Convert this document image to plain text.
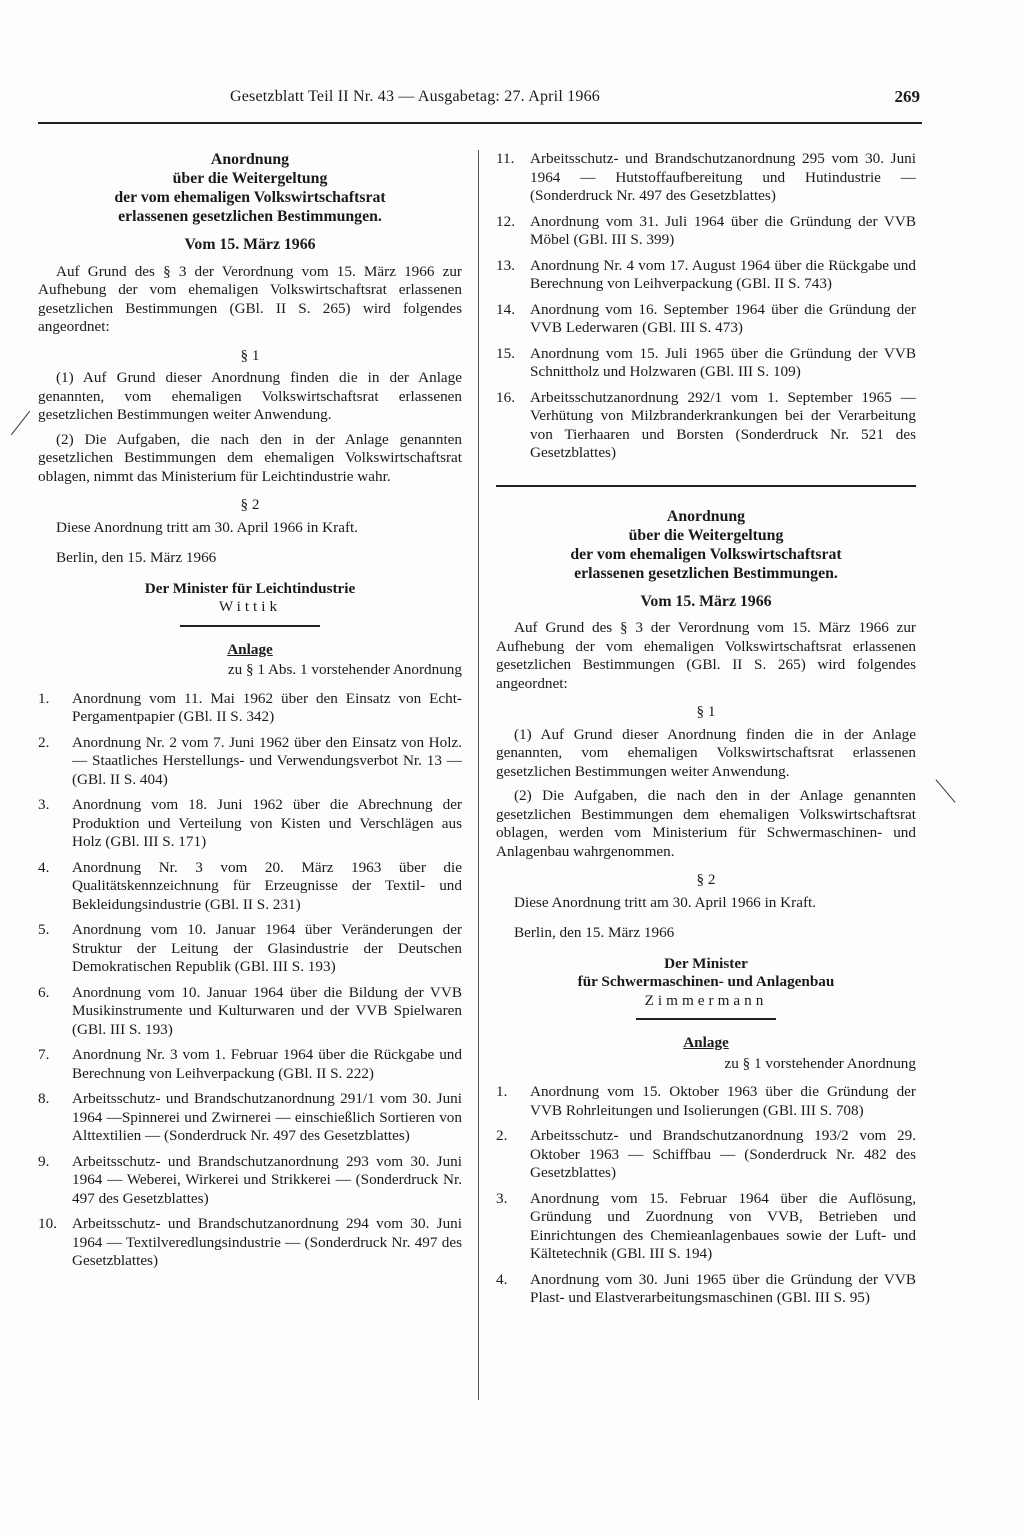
Gesetzblatt Teil II Nr. 43 — Ausgabetag: 27. April 1966	269
Anordnung
über die Weitergeltung
der vom ehemaligen Volkswirtschaftsrat
erlassenen gesetzlichen Bestimmungen.
Vom 15. März 1966

Auf Grund des § 3 der Verordnung vom 15. März 1966 zur Aufhebung der vom ehemaligen Volkswirtschaftsrat erlassenen gesetzlichen Bestimmungen (GBl. II S. 265) wird folgendes angeordnet:

§ 1

(1) Auf Grund dieser Anordnung finden die in der Anlage genannten, vom ehemaligen Volkswirtschaftsrat erlassenen gesetzlichen Bestimmungen weiter Anwendung.

(2) Die Aufgaben, die nach den in der Anlage genannten gesetzlichen Bestimmungen dem ehemaligen Volkswirtschaftsrat oblagen, nimmt das Ministerium für Leichtindustrie wahr.

§ 2

Diese Anordnung tritt am 30. April 1966 in Kraft.

Berlin, den 15. März 1966

Der Minister für Leichtindustrie
Wittik
Anlage
zu § 1 Abs. 1 vorstehender Anordnung
1.	Anordnung vom 11. Mai 1962 über den Einsatz von Echt-Pergamentpapier (GBl. II S. 342)
2.	Anordnung Nr. 2 vom 7. Juni 1962 über den Einsatz von Holz. — Staatliches Herstellungs- und Verwendungsverbot Nr. 13 — (GBl. II S. 404)
3.	Anordnung vom 18. Juni 1962 über die Abrechnung der Produktion und Verteilung von Kisten und Verschlägen aus Holz (GBl. III S. 171)
4.	Anordnung Nr. 3 vom 20. März 1963 über die Qualitätskennzeichnung für Erzeugnisse der Textil- und Bekleidungsindustrie (GBl. II S. 231)
5.	Anordnung vom 10. Januar 1964 über Veränderungen der Struktur der Leitung der Glasindustrie der Deutschen Demokratischen Republik (GBl. III S. 193)
6.	Anordnung vom 10. Januar 1964 über die Bildung der VVB Musikinstrumente und Kulturwaren und der VVB Spielwaren (GBl. III S. 193)
7.	Anordnung Nr. 3 vom 1. Februar 1964 über die Rückgabe und Berechnung von Leihverpackung (GBl. II S. 222)
8.	Arbeitsschutz- und Brandschutzanordnung 291/1 vom 30. Juni 1964 —Spinnerei und Zwirnerei — einschießlich Sortieren von Alttextilien — (Sonderdruck Nr. 497 des Gesetzblattes)
9.	Arbeitsschutz- und Brandschutzanordnung 293 vom 30. Juni 1964 — Weberei, Wirkerei und Strikkerei — (Sonderdruck Nr. 497 des Gesetzblattes)
10. Arbeitsschutz- und Brandschutzanordnung 294 vom 30. Juni 1964 — Textilveredlungsindustrie — (Sonderdruck Nr. 497 des Gesetzblattes)
11.	Arbeitsschutz- und Brandschutzanordnung 295 vom 30. Juni 1964 — Hutstoffaufbereitung und Hutindustrie — (Sonderdruck Nr. 497 des Gesetzblattes)
12. Anordnung vom 31. Juli 1964 über die Gründung der VVB Möbel (GBl. III S. 399)
13. Anordnung Nr. 4 vom 17. August 1964 über die Rückgabe und Berechnung von Leihverpackung (GBl. II S. 743)
14. Anordnung vom 16. September 1964 über die Gründung der VVB Lederwaren (GBl. III S. 473)
15. Anordnung vom 15. Juli 1965 über die Gründung der VVB Schnittholz und Holzwaren (GBl. III S. 109)
16. Arbeitsschutzanordnung 292/1 vom 1. September 1965 — Verhütung von Milzbranderkrankungen bei der Verarbeitung von Tierhaaren und Borsten (Sonderdruck Nr. 521 des Gesetzblattes)
Anordnung
über die Weitergeltung
der vom ehemaligen Volkswirtschaftsrat
erlassenen gesetzlichen Bestimmungen.
Vom 15. März 1966

Auf Grund des § 3 der Verordnung vom 15. März 1966 zur Aufhebung der vom ehemaligen Volkswirtschaftsrat erlassenen gesetzlichen Bestimmungen (GBl. II S. 265) wird folgendes angeordnet:

§ 1

(1) Auf Grund dieser Anordnung finden die in der Anlage genannten, vom ehemaligen Volkswirtschaftsrat erlassenen gesetzlichen Bestimmungen weiter Anwendung.

(2) Die Aufgaben, die nach den in der Anlage genannten gesetzlichen Bestimmungen dem ehemaligen Volkswirtschaftsrat oblagen, werden vom Ministerium für Schwermaschinen- und Anlagenbau wahrgenommen.

§ 2

Diese Anordnung tritt am 30. April 1966 in Kraft.

Berlin, den 15. März 1966

Der Minister
für Schwermaschinen- und Anlagenbau
Zimmermann
Anlage
zu § 1 vorstehender Anordnung
1.	Anordnung vom 15. Oktober 1963 über die Gründung der VVB Rohrleitungen und Isolierungen (GBl. III S. 708)
2.	Arbeitsschutz- und Brandschutzanordnung 193/2 vom 29. Oktober 1963 — Schiffbau — (Sonderdruck Nr. 482 des Gesetzblattes)
3.	Anordnung vom 15. Februar 1964 über die Auflösung, Gründung und Zuordnung von VVB, Betrieben und Einrichtungen des Chemieanlagenbaues sowie der Luft- und Kältetechnik (GBl. III S. 194)
4.	Anordnung vom 30. Juni 1965 über die Gründung der VVB Plast- und Elastverarbeitungsmaschinen (GBl. III S. 95)
